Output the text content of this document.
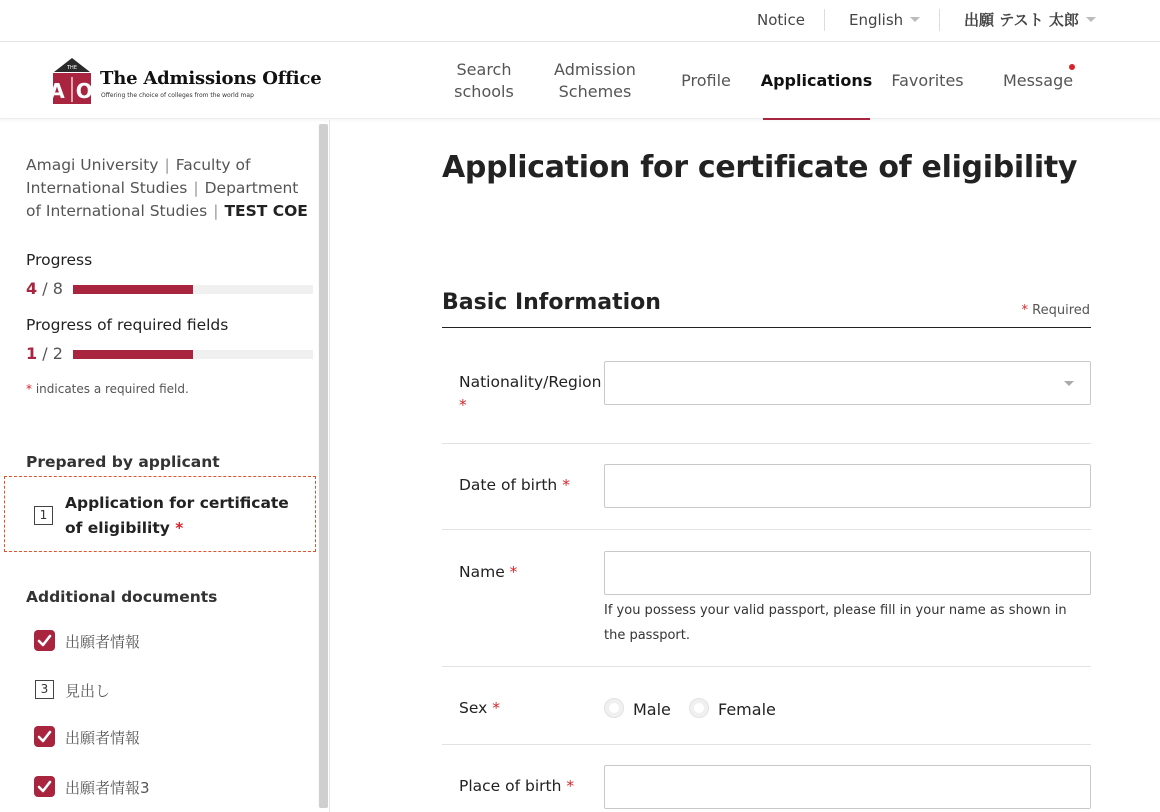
Notice	English	出願 テスト 太郎
THE
A O
The Admissions Office
Offering the choice of colleges from the world map
Search schools
Admission
Schemes
Profile	Applications Favorites Message
Amagi University | Faculty of International Studies | Department of International Studies | TEST COE
Progress
4 / 8
Progress of required fields
1 / 2
* indicates a required field.
Prepared by applicant
1
Application for certificate of eligibility *
Additional documents
出願者情報
3	見出し
出願者情報
出願者情報3
Application for certificate of eligibility
Basic Information	* Required
Nationality/Region
*
Date of birth *
Name *
If you possess your valid passport, please fill in your name as shown in the passport.
Sex *	Male	Female
Place of birth *
